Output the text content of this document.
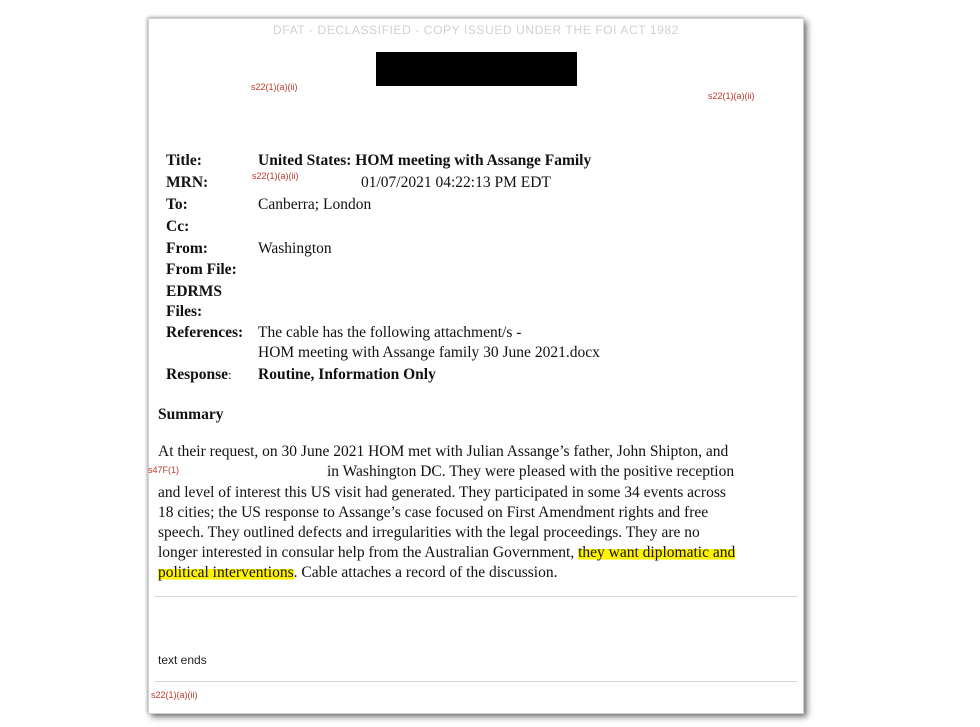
DFAT - DECLASSIFIED - COPY ISSUED UNDER THE FOI ACT 1982
s22(1)(a)(ii)
s22(1)(a)(ii)
Title:	United States: HOM meeting with Assange Family
s22(1)(a)(ii)
MRN:	01/07/2021 04:22:13 PM EDT
To:	Canberra; London
Cc:
From:	Washington
From File:
EDRMS
Files:
References: The cable has the following attachment/s -
HOM meeting with Assange family 30 June 2021.docx
Response: Routine, Information Only
Summary
At their request, on 30 June 2021 HOM met with Julian Assange’s father, John Shipton, and
s47F(1)	in Washington DC. They were pleased with the positive reception
and level of interest this US visit had generated. They participated in some 34 events across
18 cities; the US response to Assange’s case focused on First Amendment rights and free
speech. They outlined defects and irregularities with the legal proceedings. They are no
longer interested in consular help from the Australian Government, they want diplomatic and
political interventions. Cable attaches a record of the discussion.
text ends
s22(1)(a)(ii)
